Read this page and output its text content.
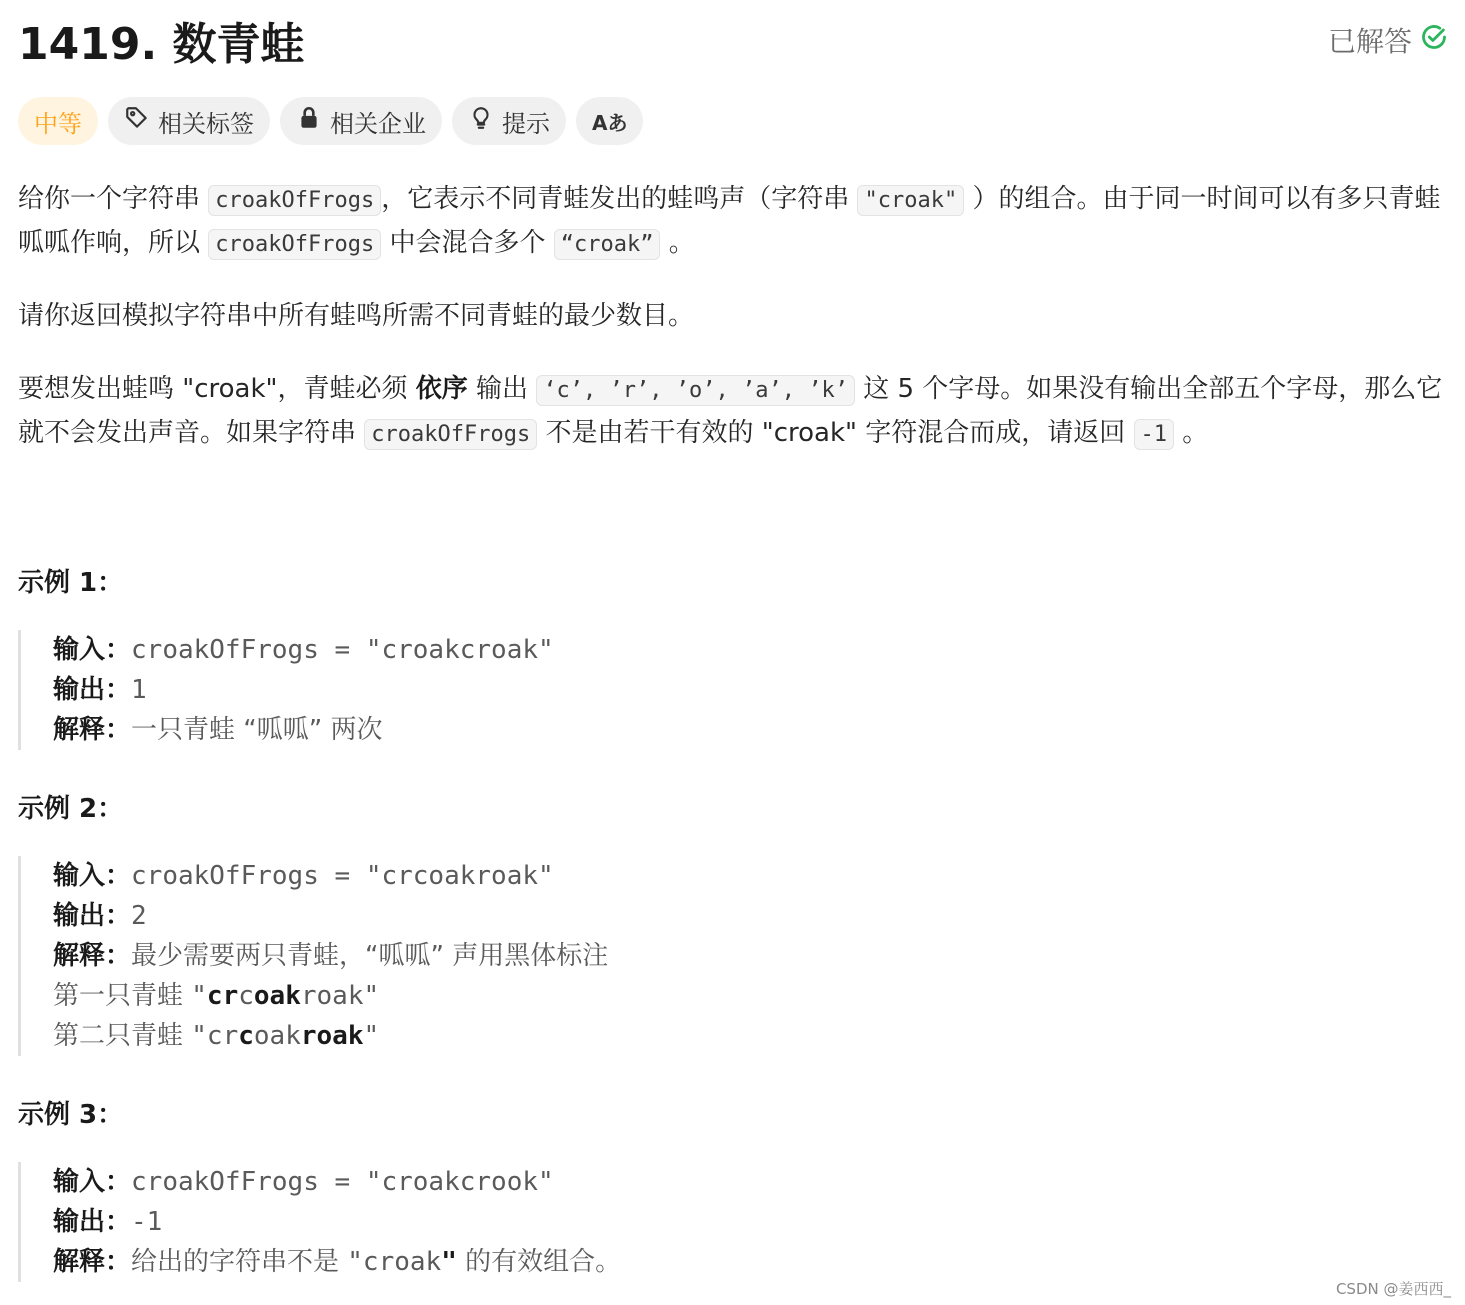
1419. 数青蛙	已解答
中等	相关标签	相关企业	提示 Aあ
给你一个字符串 croakOfFrogs ，它表示不同青蛙发出的蛙鸣声（字符串 "croak" ）的组合。由于同一时间可以有多只青蛙呱呱作响，所以 croakOfFrogs 中会混合多个 “croak” 。
请你返回模拟字符串中所有蛙鸣所需不同青蛙的最少数目。
要想发出蛙鸣 "croak"，青蛙必须 依序 输出 ‘c’, ’r’, ’o’, ’a’, ’k’ 这 5 个字母。如果没有输出全部五个字母，那么它就不会发出声音。如果字符串 croakOfFrogs 不是由若干有效的 "croak" 字符混合而成，请返回 -1 。
示例 1：
输入：croakOfFrogs = "croakcroak"
输出：1
解释：一只青蛙 “呱呱” 两次
示例 2：
输入：croakOfFrogs = "crcoakroak"
输出：2
解释：最少需要两只青蛙，“呱呱” 声用黑体标注
第一只青蛙 "crcoakroak"
第二只青蛙 "crcoakroak"
示例 3：
输入：croakOfFrogs = "croakcrook"
输出：-1
解释：给出的字符串不是 "croak" 的有效组合。
CSDN @姜西西_
